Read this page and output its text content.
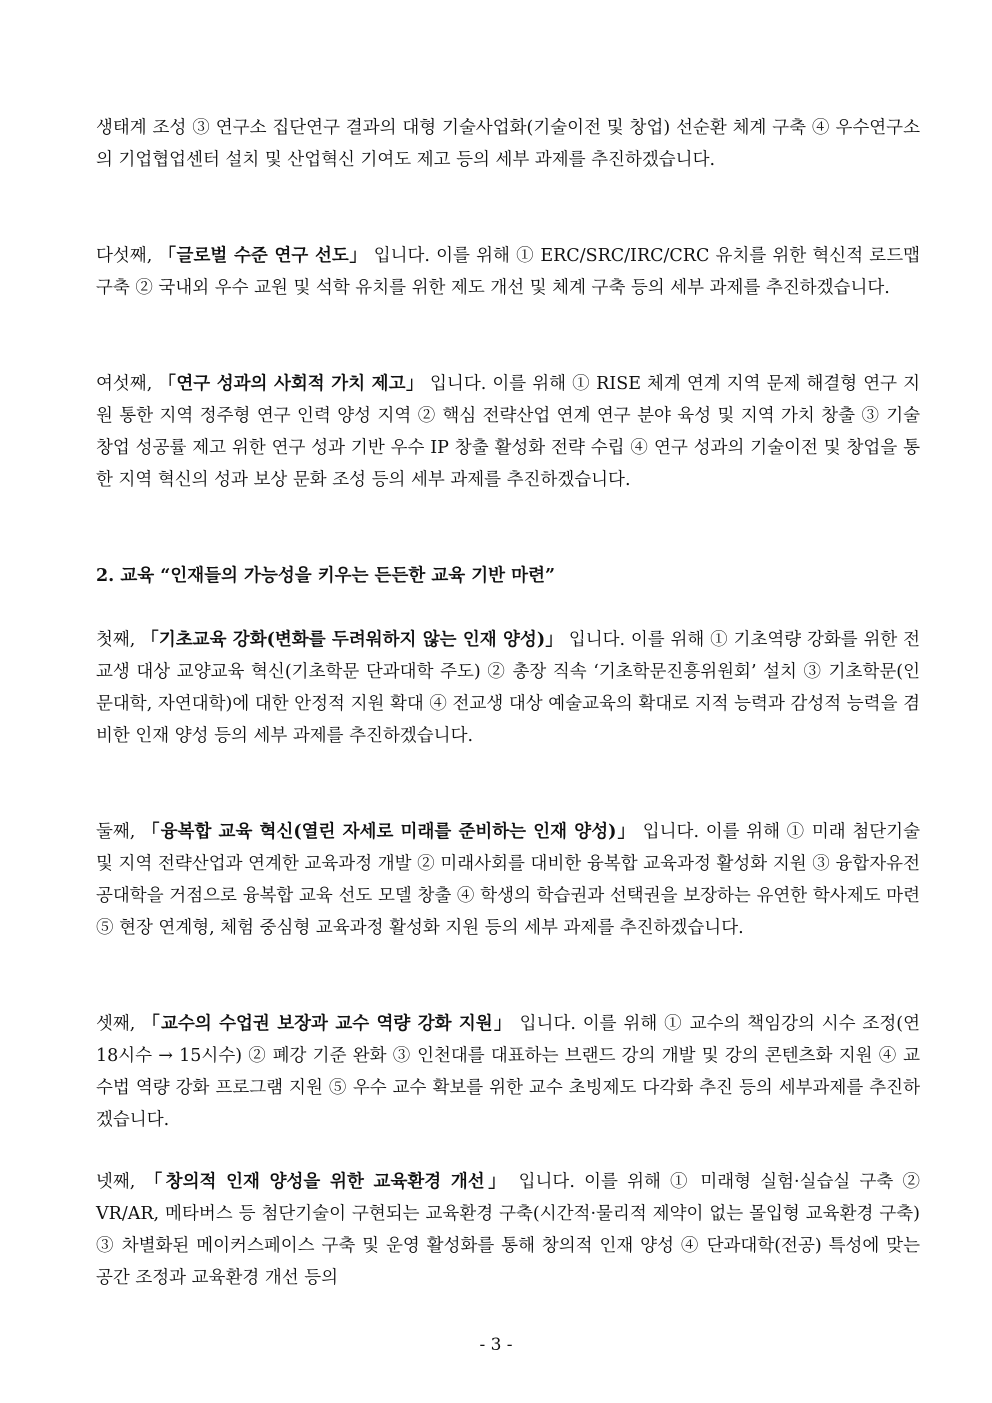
생태계 조성 ③ 연구소 집단연구 결과의 대형 기술사업화(기술이전 및 창업) 선순환 체계 구축 ④ 우수연구소의 기업협업센터 설치 및 산업혁신 기여도 제고 등의 세부 과제를 추진하겠습니다.

다섯째, 「글로벌 수준 연구 선도」 입니다. 이를 위해 ① ERC/SRC/IRC/CRC 유치를 위한 혁신적 로드맵 구축 ② 국내외 우수 교원 및 석학 유치를 위한 제도 개선 및 체계 구축 등의 세부 과제를 추진하겠습니다.

여섯째, 「연구 성과의 사회적 가치 제고」 입니다. 이를 위해 ① RISE 체계 연계 지역 문제 해결형 연구 지원 통한 지역 정주형 연구 인력 양성 지역 ② 핵심 전략산업 연계 연구 분야 육성 및 지역 가치 창출 ③ 기술 창업 성공률 제고 위한 연구 성과 기반 우수 IP 창출 활성화 전략 수립 ④ 연구 성과의 기술이전 및 창업을 통한 지역 혁신의 성과 보상 문화 조성 등의 세부 과제를 추진하겠습니다.

2. 교육 “인재들의 가능성을 키우는 든든한 교육 기반 마련”

첫째, 「기초교육 강화(변화를 두려워하지 않는 인재 양성)」 입니다. 이를 위해 ① 기초역량 강화를 위한 전교생 대상 교양교육 혁신(기초학문 단과대학 주도) ② 총장 직속 ‘기초학문진흥위원회’ 설치 ③ 기초학문(인문대학, 자연대학)에 대한 안정적 지원 확대 ④ 전교생 대상 예술교육의 확대로 지적 능력과 감성적 능력을 겸비한 인재 양성 등의 세부 과제를 추진하겠습니다.

둘째, 「융복합 교육 혁신(열린 자세로 미래를 준비하는 인재 양성)」 입니다. 이를 위해 ① 미래 첨단기술 및 지역 전략산업과 연계한 교육과정 개발 ② 미래사회를 대비한 융복합 교육과정 활성화 지원 ③ 융합자유전공대학을 거점으로 융복합 교육 선도 모델 창출 ④ 학생의 학습권과 선택권을 보장하는 유연한 학사제도 마련 ⑤ 현장 연계형, 체험 중심형 교육과정 활성화 지원 등의 세부 과제를 추진하겠습니다.

셋째, 「교수의 수업권 보장과 교수 역량 강화 지원」 입니다. 이를 위해 ① 교수의 책임강의 시수 조정(연 18시수 → 15시수) ② 폐강 기준 완화 ③ 인천대를 대표하는 브랜드 강의 개발 및 강의 콘텐츠화 지원 ④ 교수법 역량 강화 프로그램 지원 ⑤ 우수 교수 확보를 위한 교수 초빙제도 다각화 추진 등의 세부과제를 추진하겠습니다.

넷째, 「창의적 인재 양성을 위한 교육환경 개선」 입니다. 이를 위해 ① 미래형 실험·실습실 구축 ② VR/AR, 메타버스 등 첨단기술이 구현되는 교육환경 구축(시간적·물리적 제약이 없는 몰입형 교육환경 구축) ③ 차별화된 메이커스페이스 구축 및 운영 활성화를 통해 창의적 인재 양성 ④ 단과대학(전공) 특성에 맞는 공간 조정과 교육환경 개선 등의

- 3 -
